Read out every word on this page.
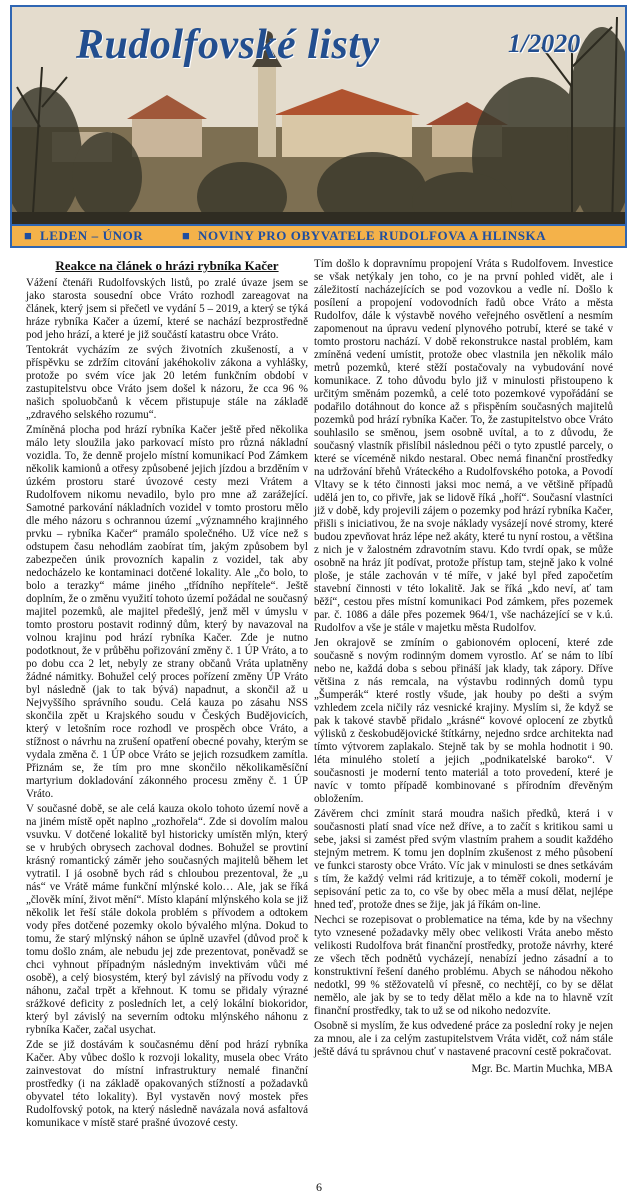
Rudolfovské listy	1/2020
■ LEDEN – ÚNOR	■ NOVINY PRO OBYVATELE RUDOLFOVA A HLINSKA
Reakce na článek o hrázi rybníka Kačer

Vážení čtenáři Rudolfovských listů, po zralé úvaze jsem se jako starosta sousední obce Vráto rozhodl zareagovat na článek, který jsem si přečetl ve vydání 5 – 2019, a který se týká hráze rybníka Kačer a území, které se nachází bezprostředně pod jeho hrází, a které je již součástí katastru obce Vráto.

Tentokrát vycházím ze svých životních zkušeností, a v příspěvku se zdržím citování jakéhokoliv zákona a vyhlášky, protože po svém více jak 20 letém funkčním období v zastupitelstvu obce Vráto jsem došel k názoru, že cca 96 % našich spoluobčanů k věcem přistupuje stále na základě „zdravého selského rozumu“.

Zmíněná plocha pod hrází rybníka Kačer ještě před několika málo lety sloužila jako parkovací místo pro různá nákladní vozidla. To, že denně projelo místní komunikací Pod Zámkem několik kamionů a otřesy způsobené jejich jízdou a brzděním v úzkém prostoru staré úvozové cesty mezi Vrátem a Rudolfovem nikomu nevadilo, bylo pro mne až zarážející. Samotné parkování nákladních vozidel v tomto prostoru mělo dle mého názoru s ochrannou území „významného krajinného prvku – rybníka Kačer“ pramálo společného. Už více než s odstupem času nehodlám zaobírat tím, jakým způsobem byl zabezpečen únik provozních kapalin z vozidel, tak aby nedocházelo ke kontaminaci dotčené lokality. Ale „čo bolo, to bolo a terazky“ máme jiného „třídního nepřítele“. Ještě doplním, že o změnu využití tohoto území požádal ne současný majitel pozemků, ale majitel předešlý, jenž měl v úmyslu v tomto prostoru postavit rodinný dům, který by navazoval na volnou krajinu pod hrází rybníka Kačer. Zde je nutno podotknout, že v průběhu pořizování změny č. 1 ÚP Vráto, a to po dobu cca 2 let, nebyly ze strany občanů Vráta uplatněny žádné námitky. Bohužel celý proces pořízení změny ÚP Vráto byl následně (jak to tak bývá) napadnut, a skončil až u Nejvyššího správního soudu. Celá kauza po zásahu NSS skončila zpět u Krajského soudu v Českých Budějovicích, který v letošním roce rozhodl ve prospěch obce Vráto, a stížnost o návrhu na zrušení opatření obecné povahy, kterým se vydala změna č. 1 ÚP obce Vráto se jejich rozsudkem zamítla. Přiznám se, že tím pro mne skončilo několikaměsíční martyrium dokladování zákonného procesu změny č. 1 ÚP Vráto.

V současné době, se ale celá kauza okolo tohoto území nově a na jiném místě opět naplno „rozhořela“. Zde si dovolím malou vsuvku. V dotčené lokalitě byl historicky umístěn mlýn, který se v hrubých obrysech zachoval dodnes. Bohužel se provtiní krásný romantický záměr jeho současných majitelů během let vytratil. I já osobně bych rád s chloubou prezentoval, že „u nás“ ve Vrátě máme funkční mlýnské kolo… Ale, jak se říká „člověk míní, život mění“. Místo klapání mlýnského kola se již několik let řeší stále dokola problém s přívodem a odtokem vody přes dotčené pozemky okolo bývalého mlýna. Dokud to tomu, že starý mlýnský náhon se úplně uzavřel (důvod proč k tomu došlo znám, ale nebudu jej zde prezentovat, poněvadž se chci vyhnout případným následným invektivám vůči mé osobě), a celý biosystém, který byl závislý na přívodu vody z náhonu, začal trpět a křehnout. K tomu se přidaly výrazné srážkové deficity z posledních let, a celý lokální biokoridor, který byl závislý na severním odtoku mlýnského náhonu z rybníka Kačer, začal usychat.

Zde se již dostávám k současnému dění pod hrází rybníka Kačer. Aby vůbec došlo k rozvoji lokality, musela obec Vráto zainvestovat do místní infrastruktury nemalé finanční prostředky (i na základě opakovaných stížností a požadavků obyvatel této lokality). Byl vystavěn nový mostek přes Rudolfovský potok, na který následně navázala nová asfaltová komunikace v místě staré prašné úvozové cesty.

Tím došlo k dopravnímu propojení Vráta s Rudolfovem. Investice se však netýkaly jen toho, co je na první pohled vidět, ale i záležitostí nacházejících se pod vozovkou a vedle ní. Došlo k posílení a propojení vodovodních řadů obce Vráto a města Rudolfov, dále k výstavbě nového veřejného osvětlení a nesmím zapomenout na úpravu vedení plynového potrubí, které se také v tomto prostoru nachází. V době rekonstrukce nastal problém, kam zmíněná vedení umístit, protože obec vlastnila jen několik málo metrů pozemků, které stěží postačovaly na vybudování nové komunikace. Z toho důvodu bylo již v minulosti přistoupeno k určitým směnám pozemků, a celé toto pozemkové vypořádání se podařilo dotáhnout do konce až s přispěním současných majitelů pozemků pod hrází rybníka Kačer. To, že zastupitelstvo obce Vráto souhlasilo se směnou, jsem osobně uvítal, a to z důvodu, že současný vlastník přislíbil následnou péči o tyto zpustlé parcely, o které se víceméně nikdo nestaral. Obec nemá finanční prostředky na udržování břehů Vráteckého a Rudolfovského potoka, a Povodí Vltavy se k této činnosti jaksi moc nemá, a ve většině případů udělá jen to, co přivře, jak se lidově říká „hoří“. Současní vlastníci již v době, kdy projevili zájem o pozemky pod hrází rybníka Kačer, přišli s iniciativou, že na svoje náklady vysázejí nové stromy, které budou zpevňovat hráz lépe než akáty, které tu nyní rostou, a většina z nich je v žalostném zdravotním stavu. Kdo tvrdí opak, se může osobně na hráz jít podívat, protože přístup tam, stejně jako k volné ploše, je stále zachován v té míře, v jaké byl před započetím stavební činnosti v této lokalitě. Jak se říká „kdo neví, ať tam běží“, cestou přes místní komunikaci Pod zámkem, přes pozemek par. č. 1086 a dále přes pozemek 964/1, vše nacházející se v k.ú. Rudolfov a vše je stále v majetku města Rudolfov.

Jen okrajově se zmíním o gabionovém oplocení, které zde současně s novým rodinným domem vyrostlo. Ať se nám to líbí nebo ne, každá doba s sebou přináší jak klady, tak zápory. Dříve většina z nás remcala, na výstavbu rodinných domů typu „Šumperák“ které rostly všude, jak houby po dešti a svým vzhledem zcela ničily ráz vesnické krajiny. Myslím si, že když se pak k takové stavbě přidalo „krásné“ kovové oplocení ze zbytků výlisků z českobudějovické štítkárny, nejedno srdce architekta nad tímto výtvorem zaplakalo. Stejně tak by se mohla hodnotit i 90. léta minulého století a jejich „podnikatelské baroko“. V současnosti je moderní tento materiál a toto provedení, které je navíc v tomto případě kombinované s přírodním dřevěným obložením.

Závěrem chci zmínit stará moudra našich předků, která i v současnosti platí snad více než dříve, a to začít s kritikou sami u sebe, jaksi si zamést před svým vlastním prahem a soudit každého stejným metrem. K tomu jen doplním zkušenost z mého působení ve funkci starosty obce Vráto. Víc jak v minulosti se dnes setkávám s tím, že každý velmi rád kritizuje, a to téměř cokoli, moderní je sepisování petic za to, co vše by obec měla a musí dělat, nejlépe hned teď, protože dnes se žije, jak já říkám on-line.

Nechci se rozepisovat o problematice na téma, kde by na všechny tyto vznesené požadavky měly obec velikosti Vráta anebo město velikosti Rudolfova brát finanční prostředky, protože návrhy, které ze všech těch podnětů vycházejí, nenabízí jedno zásadní a to konstruktivní řešení daného problému. Abych se náhodou někoho nedotkl, 99 % stěžovatelů ví přesně, co nechtějí, co by se dělat nemělo, ale jak by se to tedy dělat mělo a kde na to hlavně vzít finanční prostředky, tak to už se od nikoho nedozvíte.

Osobně si myslím, že kus odvedené práce za poslední roky je nejen za mnou, ale i za celým zastupitelstvem Vráta vidět, což nám stále ještě dává tu správnou chuť v nastavené pracovní cestě pokračovat.

Mgr. Bc. Martin Muchka, MBA
6
